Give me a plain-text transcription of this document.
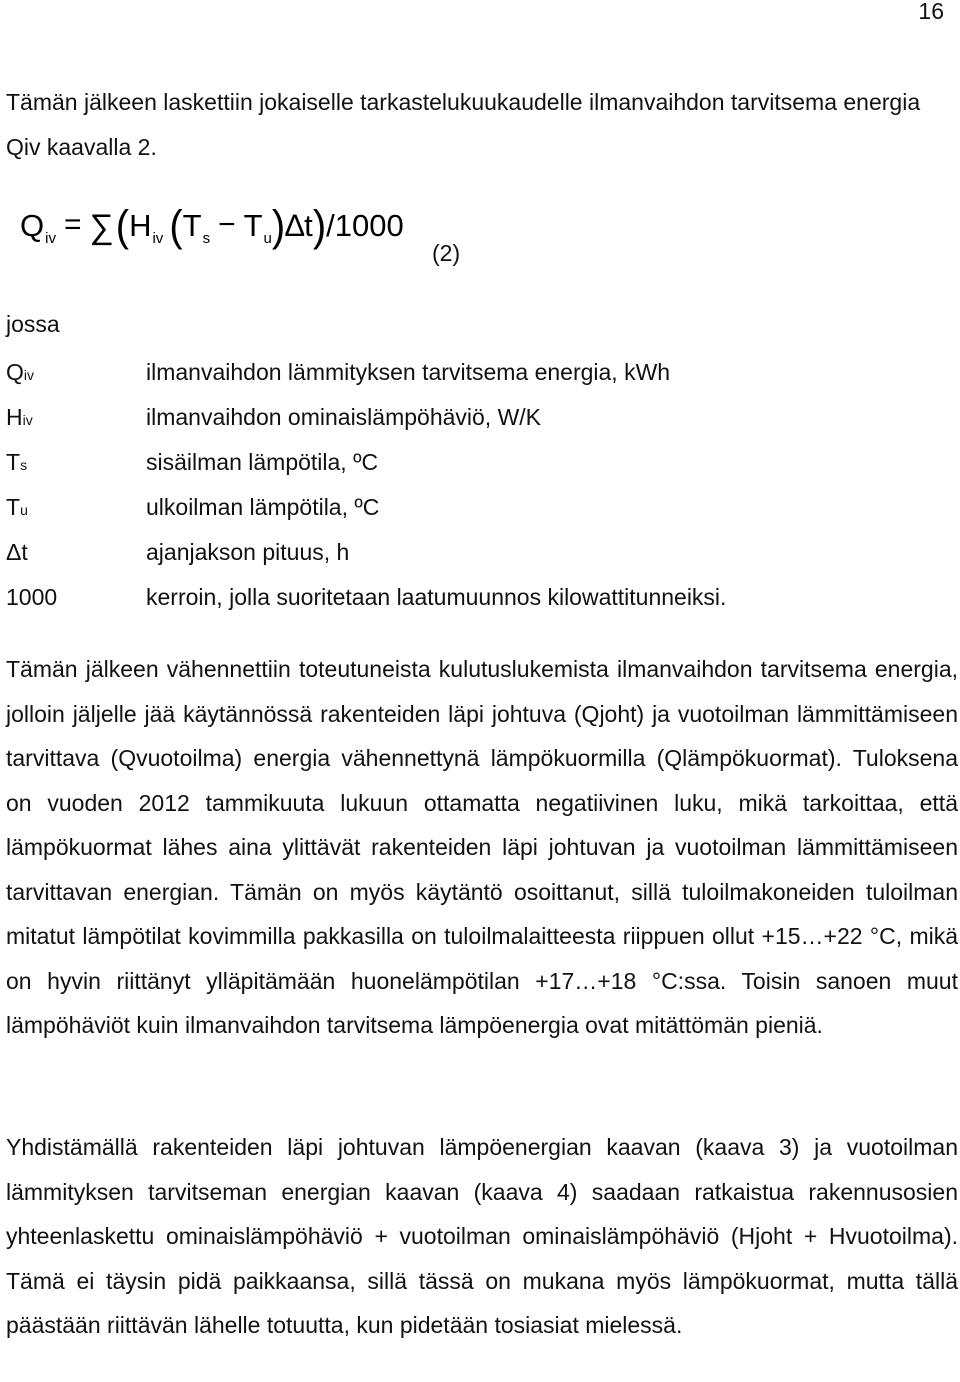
16
Tämän jälkeen laskettiin jokaiselle tarkastelukuukaudelle ilmanvaihdon tarvitsema energia Qiv kaavalla 2.
Q iv = ∑ ( H iv ( T s − T u ) ∆t ) /1000
(2)
jossa
Qiv	ilmanvaihdon lämmityksen tarvitsema energia, kWh
Hiv	ilmanvaihdon ominaislämpöhäviö, W/K
Ts	sisäilman lämpötila, ºC
Tu	ulkoilman lämpötila, ºC
Δt	ajanjakson pituus, h
1000	kerroin, jolla suoritetaan laatumuunnos kilowattitunneiksi.
Tämän jälkeen vähennettiin toteutuneista kulutuslukemista ilmanvaihdon tarvitsema energia, jolloin jäljelle jää käytännössä rakenteiden läpi johtuva (Qjoht) ja vuotoilman lämmittämiseen tarvittava (Qvuotoilma) energia vähennettynä lämpökuormilla (Qlämpökuormat). Tuloksena on vuoden 2012 tammikuuta lukuun ottamatta negatiivinen luku, mikä tarkoittaa, että lämpökuormat lähes aina ylittävät rakenteiden läpi johtuvan ja vuotoilman lämmittämiseen tarvittavan energian. Tämän on myös käytäntö osoittanut, sillä tuloilmakoneiden tuloilman mitatut lämpötilat kovimmilla pakkasilla on tuloilmalaitteesta riippuen ollut +15…+22 °C, mikä on hyvin riittänyt ylläpitämään huonelämpötilan +17…+18 °C:ssa. Toisin sanoen muut lämpöhäviöt kuin ilmanvaihdon tarvitsema lämpöenergia ovat mitättömän pieniä.
Yhdistämällä rakenteiden läpi johtuvan lämpöenergian kaavan (kaava 3) ja vuotoilman lämmityksen tarvitseman energian kaavan (kaava 4) saadaan ratkaistua rakennusosien yhteenlaskettu ominaislämpöhäviö + vuotoilman ominaislämpöhäviö (Hjoht + Hvuotoilma). Tämä ei täysin pidä paikkaansa, sillä tässä on mukana myös lämpökuormat, mutta tällä päästään riittävän lähelle totuutta, kun pidetään tosiasiat mielessä.
